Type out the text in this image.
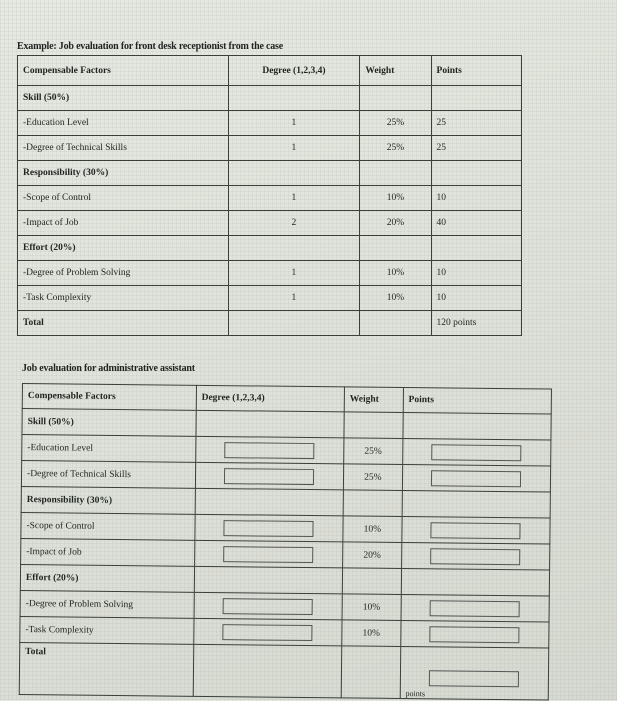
Example: Job evaluation for front desk receptionist from the case
Compensable Factors	Degree (1,2,3,4)	Weight	Points
Skill (50%)			
-Education Level	1	25%	25
-Degree of Technical Skills	1	25%	25
Responsibility (30%)			
-Scope of Control	1	10%	10
-Impact of Job	2	20%	40
Effort (20%)			
-Degree of Problem Solving	1	10%	10
-Task Complexity	1	10%	10
Total			120 points
Job evaluation for administrative assistant
Compensable Factors	Degree (1,2,3,4)	Weight	Points
Skill (50%)			
-Education Level		25%	

-Degree of Technical Skills		25%	

Responsibility (30%)			
-Scope of Control		10%	

-Impact of Job		20%	

Effort (20%)			
-Degree of Problem Solving		10%	

-Task Complexity		10%	

Total			points
